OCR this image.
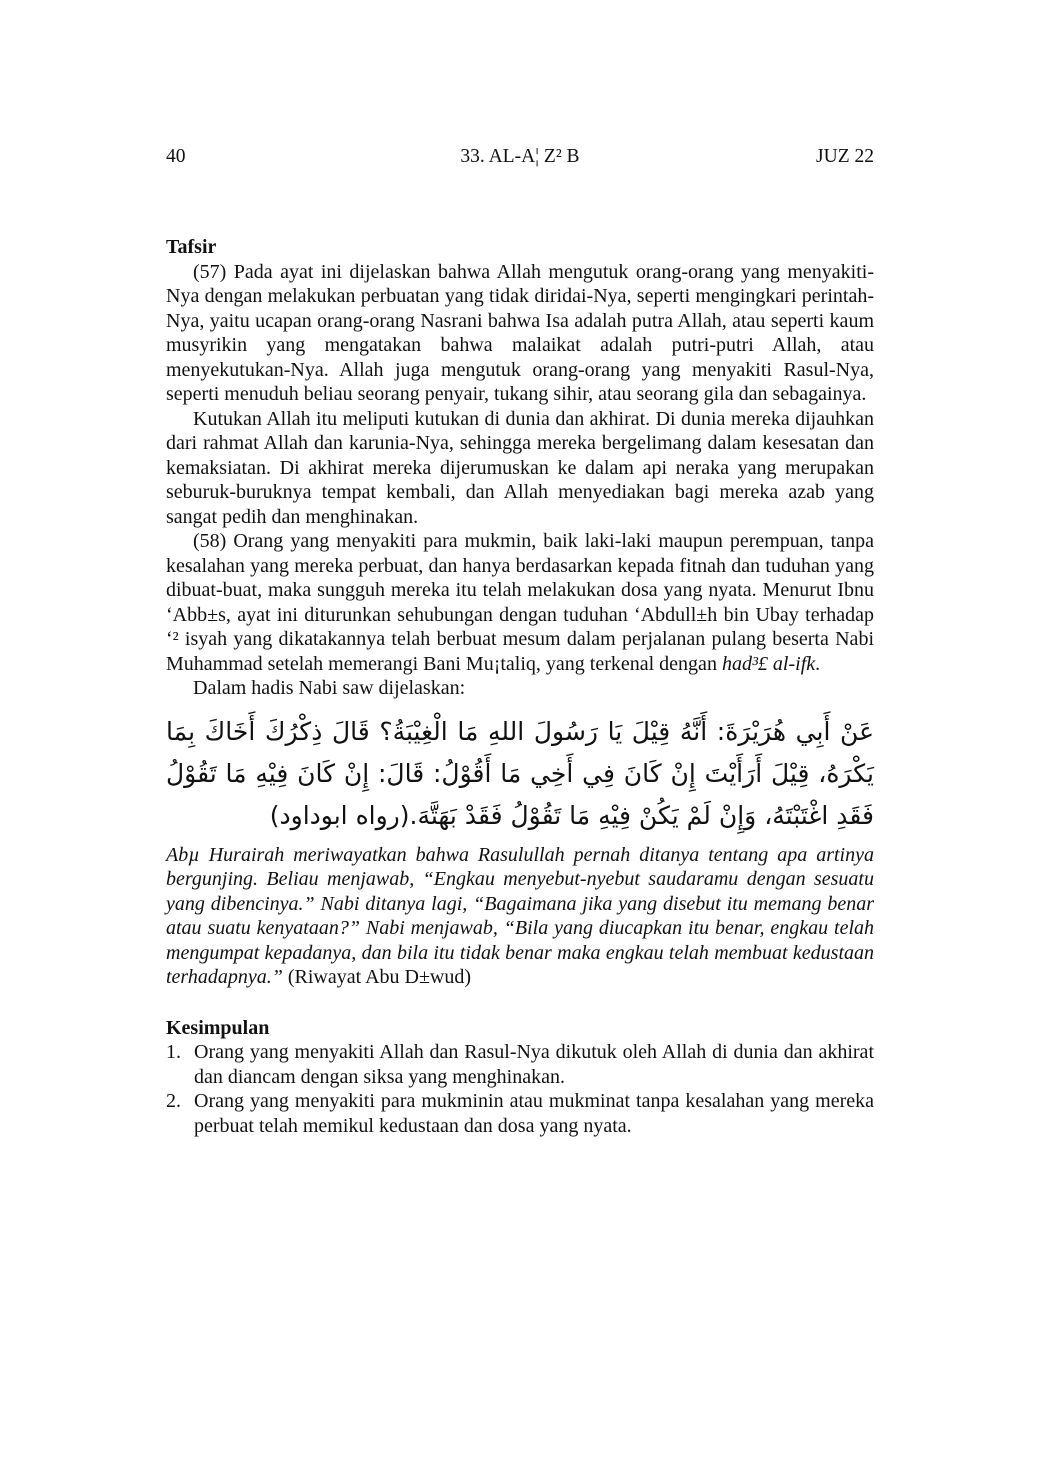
40	33. AL-A¦ Z² B	JUZ 22

Tafsir

(57) Pada ayat ini dijelaskan bahwa Allah mengutuk orang-orang yang menyakiti-Nya dengan melakukan perbuatan yang tidak diridai-Nya, seperti mengingkari perintah-Nya, yaitu ucapan orang-orang Nasrani bahwa Isa adalah putra Allah, atau seperti kaum musyrikin yang mengatakan bahwa malaikat adalah putri-putri Allah, atau menyekutukan-Nya. Allah juga mengutuk orang-orang yang menyakiti Rasul-Nya, seperti menuduh beliau seorang penyair, tukang sihir, atau seorang gila dan sebagainya.

Kutukan Allah itu meliputi kutukan di dunia dan akhirat. Di dunia mereka dijauhkan dari rahmat Allah dan karunia-Nya, sehingga mereka bergelimang dalam kesesatan dan kemaksiatan. Di akhirat mereka dijerumuskan ke dalam api neraka yang merupakan seburuk-buruknya tempat kembali, dan Allah menyediakan bagi mereka azab yang sangat pedih dan menghinakan.

(58) Orang yang menyakiti para mukmin, baik laki-laki maupun perempuan, tanpa kesalahan yang mereka perbuat, dan hanya berdasarkan kepada fitnah dan tuduhan yang dibuat-buat, maka sungguh mereka itu telah melakukan dosa yang nyata. Menurut Ibnu ‘Abb±s, ayat ini diturunkan sehubungan dengan tuduhan ‘Abdull±h bin Ubay terhadap ‘² isyah yang dikatakannya telah berbuat mesum dalam perjalanan pulang beserta Nabi Muhammad setelah memerangi Bani Mu¡taliq, yang terkenal dengan had³£ al-ifk.

Dalam hadis Nabi saw dijelaskan:

عَنْ أَبِي هُرَيْرَةَ: أَنَّهُ قِيْلَ يَا رَسُولَ اللهِ مَا الْغِيْبَةُ؟ قَالَ ذِكْرُكَ أَخَاكَ بِمَا يَكْرَهُ، قِيْلَ أَرَأَيْتَ إِنْ كَانَ فِي أَخِي مَا أَقُوْلُ: قَالَ: إِنْ كَانَ فِيْهِ مَا تَقُوْلُ فَقَدِ اغْتَبْتَهُ، وَإِنْ لَمْ يَكُنْ فِيْهِ مَا تَقُوْلُ فَقَدْ بَهَتَّهَ.(رواه ابوداود)

Abµ Hurairah meriwayatkan bahwa Rasulullah pernah ditanya tentang apa artinya bergunjing. Beliau menjawab, “Engkau menyebut-nyebut saudaramu dengan sesuatu yang dibencinya.” Nabi ditanya lagi, “Bagaimana jika yang disebut itu memang benar atau suatu kenyataan?” Nabi menjawab, “Bila yang diucapkan itu benar, engkau telah mengumpat kepadanya, dan bila itu tidak benar maka engkau telah membuat kedustaan terhadapnya.” (Riwayat Abu D±wud)

Kesimpulan

1. Orang yang menyakiti Allah dan Rasul-Nya dikutuk oleh Allah di dunia dan akhirat dan diancam dengan siksa yang menghinakan.
2. Orang yang menyakiti para mukminin atau mukminat tanpa kesalahan yang mereka perbuat telah memikul kedustaan dan dosa yang nyata.
